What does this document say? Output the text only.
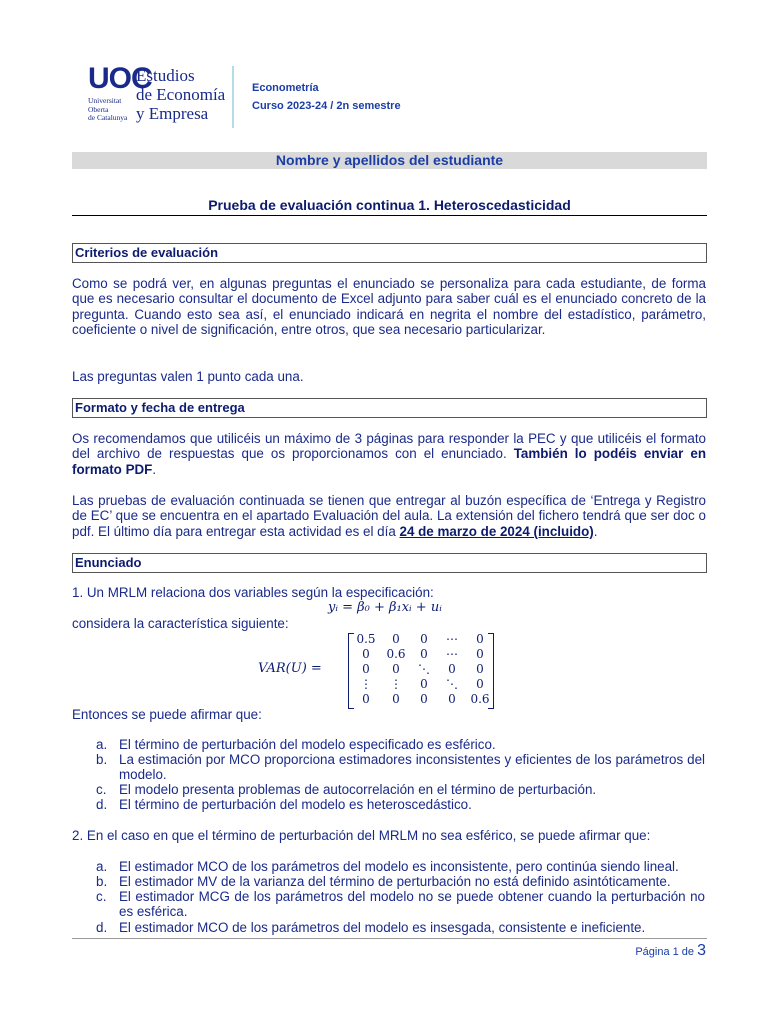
UOC
Universitat
Oberta
de Catalunya
Estudios
de Economía
y Empresa
Econometría
Curso 2023-24 / 2n semestre
Nombre y apellidos del estudiante
Prueba de evaluación continua 1. Heteroscedasticidad
Criterios de evaluación
Como se podrá ver, en algunas preguntas el enunciado se personaliza para cada estudiante, de forma que es necesario consultar el documento de Excel adjunto para saber cuál es el enunciado concreto de la pregunta. Cuando esto sea así, el enunciado indicará en negrita el nombre del estadístico, parámetro, coeficiente o nivel de significación, entre otros, que sea necesario particularizar.
Las preguntas valen 1 punto cada una.
Formato y fecha de entrega
Os recomendamos que utilicéis un máximo de 3 páginas para responder la PEC y que utilicéis el formato del archivo de respuestas que os proporcionamos con el enunciado. También lo podéis enviar en formato PDF.
Las pruebas de evaluación continuada se tienen que entregar al buzón específica de ‘Entrega y Registro de EC’ que se encuentra en el apartado Evaluación del aula. La extensión del fichero tendrá que ser doc o pdf. El último día para entregar esta actividad es el día 24 de marzo de 2024 (incluido).
Enunciado
1. Un MRLM relaciona dos variables según la especificación:
yᵢ = β₀ + β₁xᵢ + uᵢ
considera la característica siguiente:
VAR(U) =
0.5	0	0	⋯	0
0	0.6	0	⋯	0
0	0	⋱	0	0
⋮	⋮	0	⋱	0
0	0	0	0	0.6
Entonces se puede afirmar que:
a. El término de perturbación del modelo especificado es esférico.
b. La estimación por MCO proporciona estimadores inconsistentes y eficientes de los parámetros del modelo.
c. El modelo presenta problemas de autocorrelación en el término de perturbación.
d. El término de perturbación del modelo es heteroscedástico.
2. En el caso en que el término de perturbación del MRLM no sea esférico, se puede afirmar que:
a. El estimador MCO de los parámetros del modelo es inconsistente, pero continúa siendo lineal.
b. El estimador MV de la varianza del término de perturbación no está definido asintóticamente.
c. El estimador MCG de los parámetros del modelo no se puede obtener cuando la perturbación no es esférica.
d. El estimador MCO de los parámetros del modelo es insesgada, consistente e ineficiente.
Página 1 de 3
